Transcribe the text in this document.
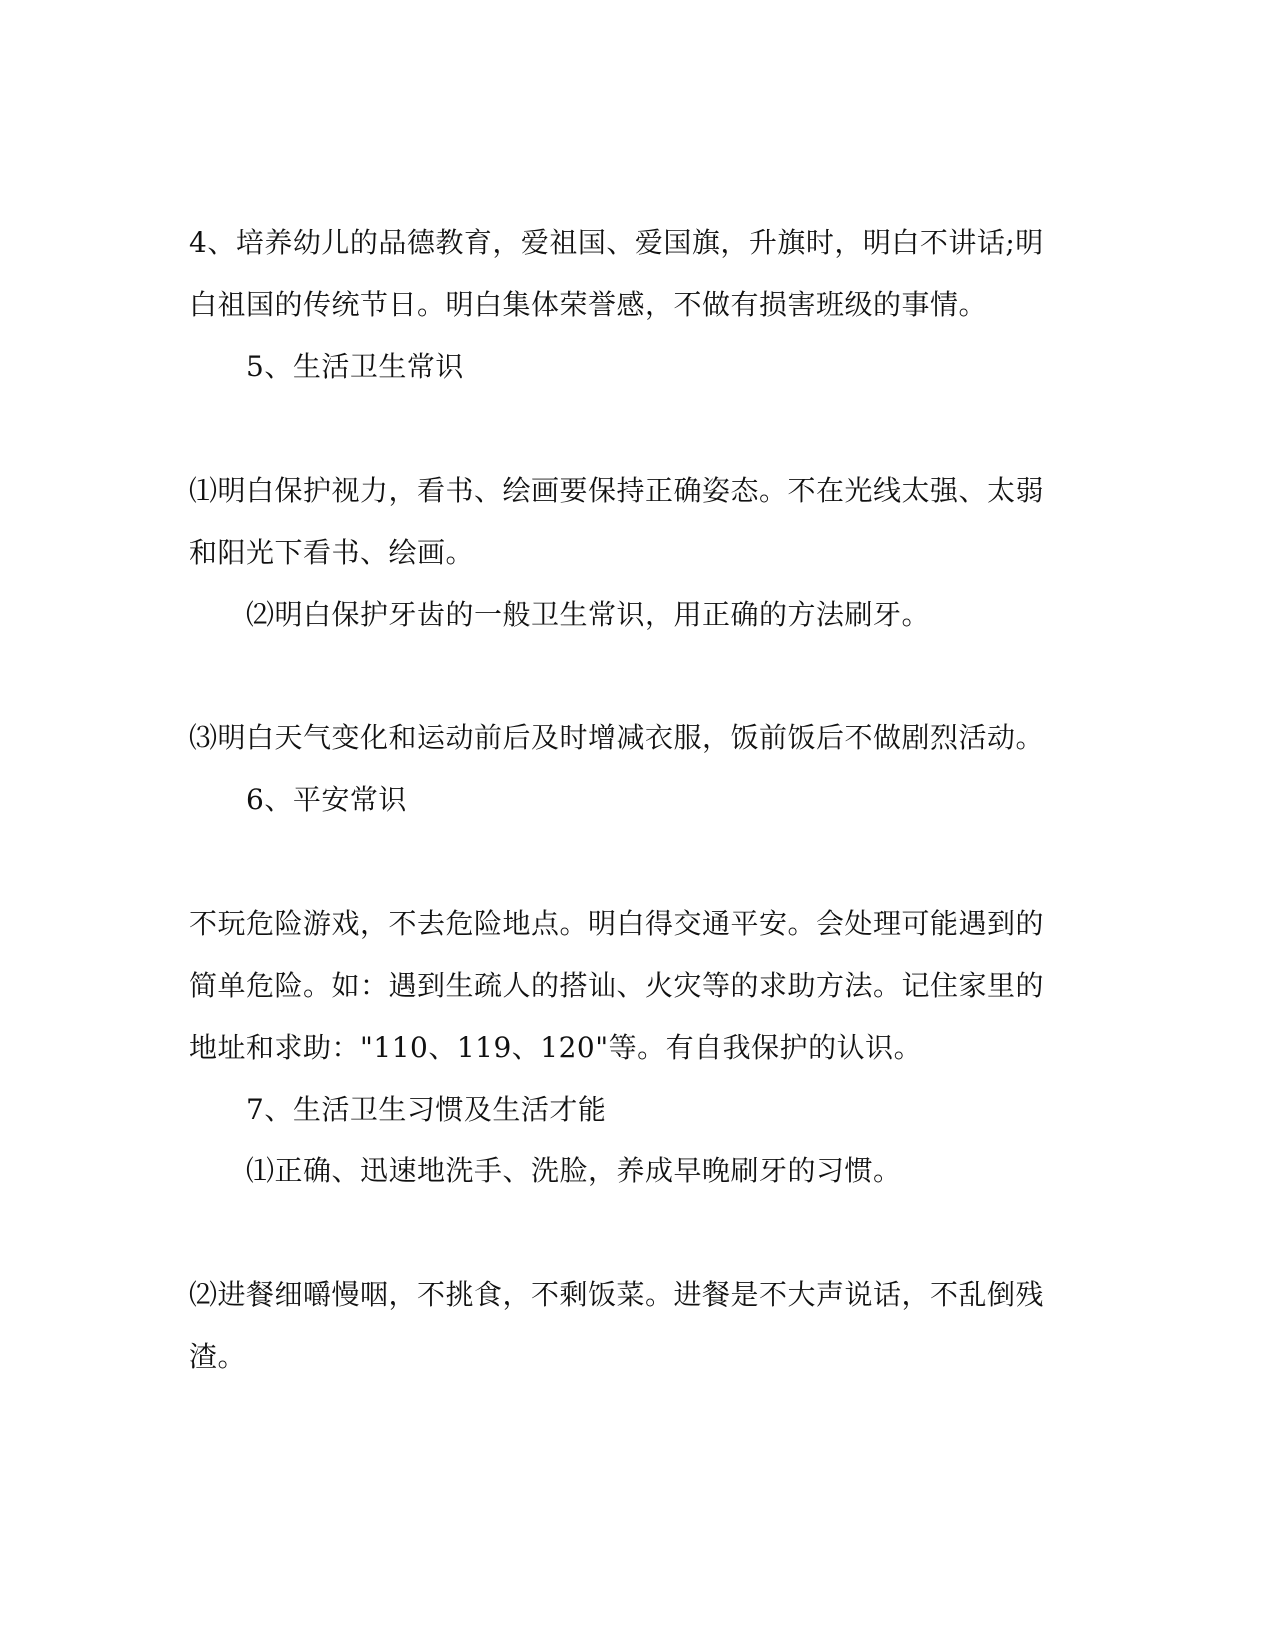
4、培养幼儿的品德教育，爱祖国、爱国旗，升旗时，明白不讲话;明
白祖国的传统节日。明白集体荣誉感，不做有损害班级的事情。
5、生活卫生常识
⑴明白保护视力，看书、绘画要保持正确姿态。不在光线太强、太弱
和阳光下看书、绘画。
⑵明白保护牙齿的一般卫生常识，用正确的方法刷牙。
⑶明白天气变化和运动前后及时增减衣服，饭前饭后不做剧烈活动。
6、平安常识
不玩危险游戏，不去危险地点。明白得交通平安。会处理可能遇到的
简单危险。如：遇到生疏人的搭讪、火灾等的求助方法。记住家里的
地址和求助："110、119、120"等。有自我保护的认识。
7、生活卫生习惯及生活才能
⑴正确、迅速地洗手、洗脸，养成早晚刷牙的习惯。
⑵进餐细嚼慢咽，不挑食，不剩饭菜。进餐是不大声说话，不乱倒残
渣。
